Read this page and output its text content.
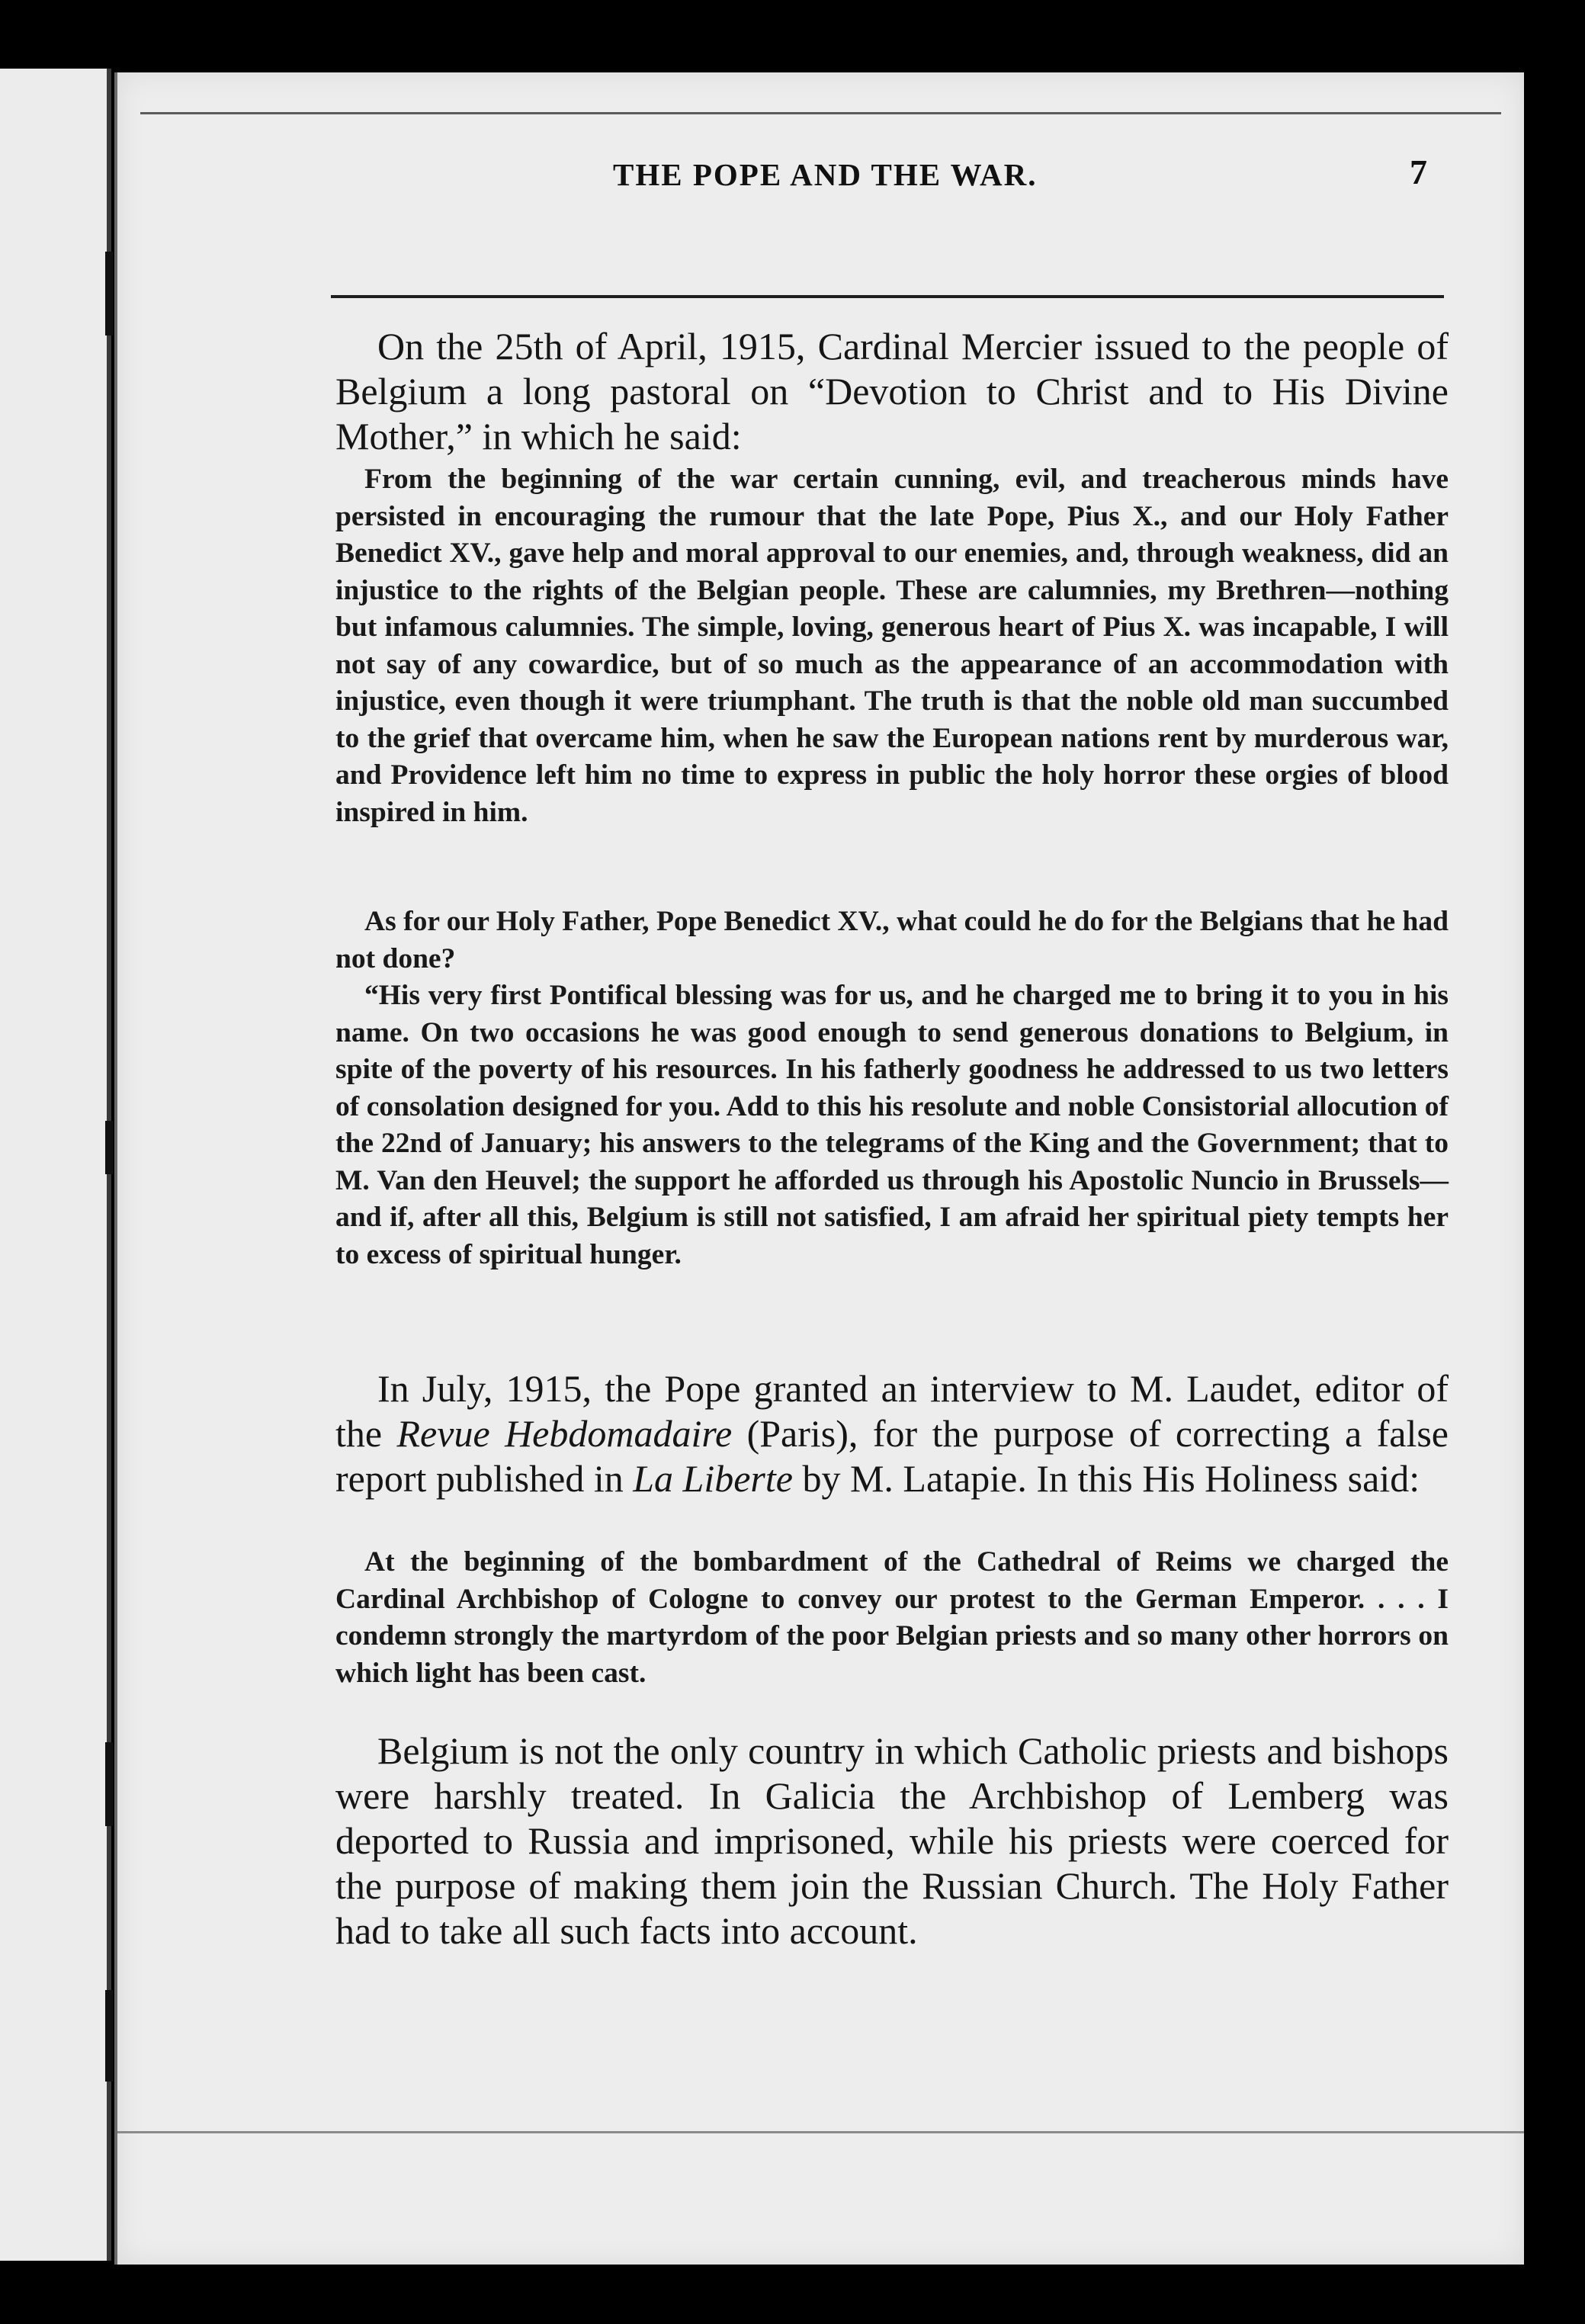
THE POPE AND THE WAR.	7

On the 25th of April, 1915, Cardinal Mercier issued to the people of Belgium a long pastoral on “Devotion to Christ and to His Divine Mother,” in which he said:

From the beginning of the war certain cunning, evil, and treacherous minds have persisted in encouraging the rumour that the late Pope, Pius X., and our Holy Father Benedict XV., gave help and moral approval to our enemies, and, through weakness, did an injustice to the rights of the Belgian people. These are calumnies, my Brethren—nothing but infamous calumnies. The simple, loving, generous heart of Pius X. was incapable, I will not say of any cowardice, but of so much as the appearance of an accommodation with injustice, even though it were triumphant. The truth is that the noble old man succumbed to the grief that overcame him, when he saw the European nations rent by murderous war, and Providence left him no time to express in public the holy horror these orgies of blood inspired in him.

As for our Holy Father, Pope Benedict XV., what could he do for the Belgians that he had not done?

“His very first Pontifical blessing was for us, and he charged me to bring it to you in his name. On two occasions he was good enough to send generous donations to Belgium, in spite of the poverty of his resources. In his fatherly goodness he addressed to us two letters of consolation designed for you. Add to this his resolute and noble Consistorial allocution of the 22nd of January; his answers to the telegrams of the King and the Government; that to M. Van den Heuvel; the support he afforded us through his Apostolic Nuncio in Brussels—and if, after all this, Belgium is still not satisfied, I am afraid her spiritual piety tempts her to excess of spiritual hunger.

In July, 1915, the Pope granted an interview to M. Laudet, editor of the Revue Hebdomadaire (Paris), for the purpose of correcting a false report published in La Liberte by M. Latapie. In this His Holiness said:

At the beginning of the bombardment of the Cathedral of Reims we charged the Cardinal Archbishop of Cologne to convey our protest to the German Emperor. . . . I condemn strongly the martyrdom of the poor Belgian priests and so many other horrors on which light has been cast.

Belgium is not the only country in which Catholic priests and bishops were harshly treated. In Galicia the Archbishop of Lemberg was deported to Russia and imprisoned, while his priests were coerced for the purpose of making them join the Russian Church. The Holy Father had to take all such facts into account.
